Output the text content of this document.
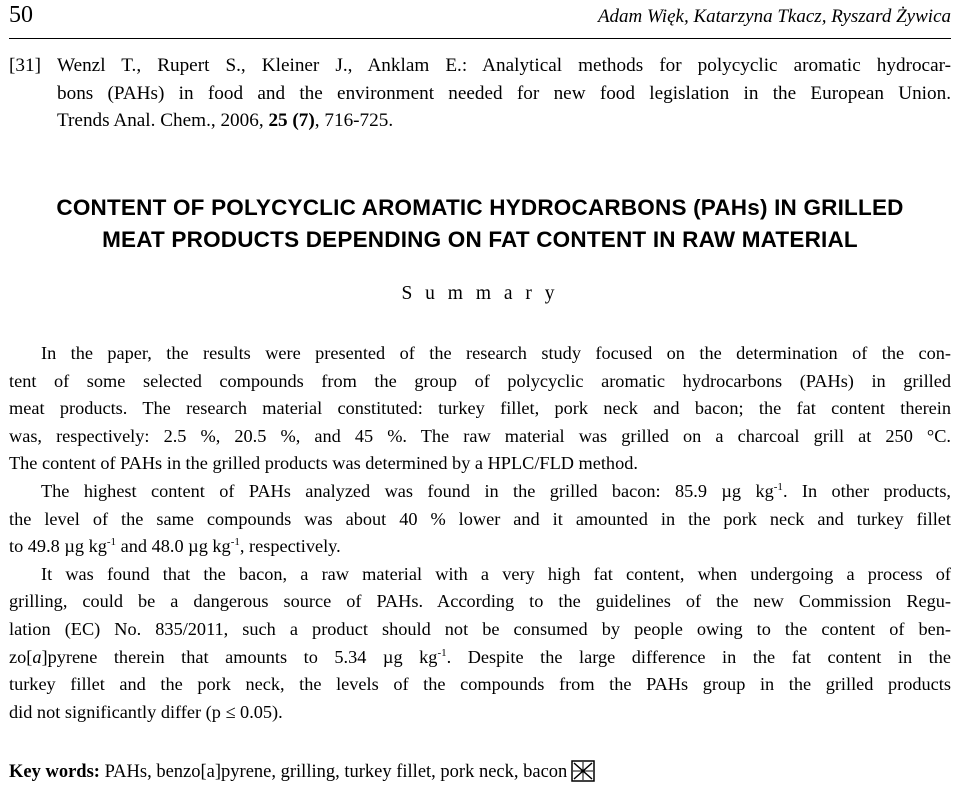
50	Adam Więk, Katarzyna Tkacz, Ryszard Żywica
[31] Wenzl T., Rupert S., Kleiner J., Anklam E.: Analytical methods for polycyclic aromatic hydrocar-
bons (PAHs) in food and the environment needed for new food legislation in the European Union.
Trends Anal. Chem., 2006, 25 (7), 716-725.
CONTENT OF POLYCYCLIC AROMATIC HYDROCARBONS (PAHs) IN GRILLED
MEAT PRODUCTS DEPENDING ON FAT CONTENT IN RAW MATERIAL
S u m m a r y
In the paper, the results were presented of the research study focused on the determination of the con-
tent of some selected compounds from the group of polycyclic aromatic hydrocarbons (PAHs) in grilled
meat products. The research material constituted: turkey fillet, pork neck and bacon; the fat content therein
was, respectively: 2.5 %, 20.5 %, and 45 %. The raw material was grilled on a charcoal grill at 250 °C.
The content of PAHs in the grilled products was determined by a HPLC/FLD method.
The highest content of PAHs analyzed was found in the grilled bacon: 85.9 µg $kg^{-1}$. In other products,
the level of the same compounds was about 40 % lower and it amounted in the pork neck and turkey fillet
to 49.8 µg $kg^{-1}$ and 48.0 µg $kg^{-1}$, respectively.
It was found that the bacon, a raw material with a very high fat content, when undergoing a process of
grilling, could be a dangerous source of PAHs. According to the guidelines of the new Commission Regu-
lation (EC) No. 835/2011, such a product should not be consumed by people owing to the content of ben-
zo[a]pyrene therein that amounts to 5.34 µg $kg^{-1}$. Despite the large difference in the fat content in the
turkey fillet and the pork neck, the levels of the compounds from the PAHs group in the grilled products
did not significantly differ (p ≤ 0.05).
Key words: PAHs, benzo[a]pyrene, grilling, turkey fillet, pork neck, bacon
